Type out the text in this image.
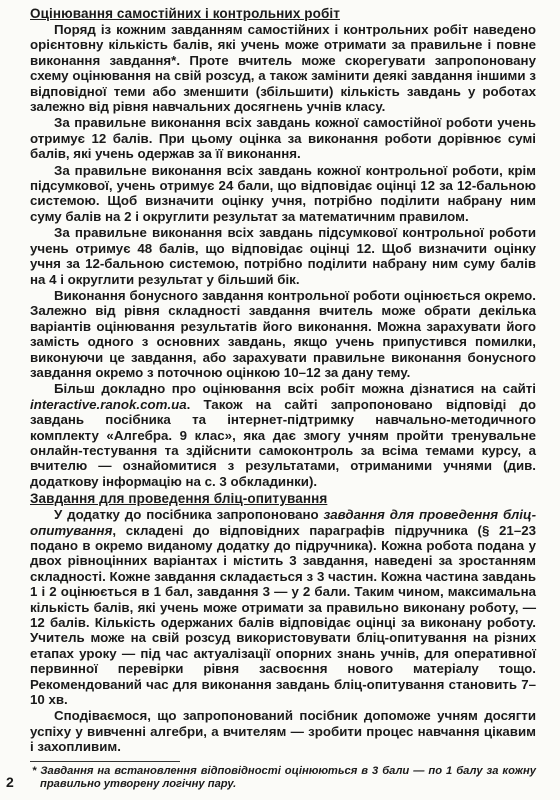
Оцінювання самостійних і контрольних робіт

Поряд із кожним завданням самостійних і контрольних робіт наведено орієнтовну кількість балів, які учень може отримати за правильне і повне виконання завдання*. Проте вчитель може скорегувати запропоновану схему оцінювання на свій розсуд, а також замінити деякі завдання іншими з відповідної теми або зменшити (збільшити) кількість завдань у роботах залежно від рівня навчальних досягнень учнів класу.

За правильне виконання всіх завдань кожної самостійної роботи учень отримує 12 балів. При цьому оцінка за виконання роботи дорівнює сумі балів, які учень одержав за її виконання.

За правильне виконання всіх завдань кожної контрольної роботи, крім підсумкової, учень отримує 24 бали, що відповідає оцінці 12 за 12-бальною системою. Щоб визначити оцінку учня, потрібно поділити набрану ним суму балів на 2 і округлити результат за математичним правилом.

За правильне виконання всіх завдань підсумкової контрольної роботи учень отримує 48 балів, що відповідає оцінці 12. Щоб визначити оцінку учня за 12-бальною системою, потрібно поділити набрану ним суму балів на 4 і округлити результат у більший бік.

Виконання бонусного завдання контрольної роботи оцінюється окремо. Залежно від рівня складності завдання вчитель може обрати декілька варіантів оцінювання результатів його виконання. Можна зарахувати його замість одного з основних завдань, якщо учень припустився помилки, виконуючи це завдання, або зарахувати правильне виконання бонусного завдання окремо з поточною оцінкою 10–12 за дану тему.

Більш докладно про оцінювання всіх робіт можна дізнатися на сайті interactive.ranok.com.ua. Також на сайті запропоновано відповіді до завдань посібника та інтернет-підтримку навчально-методичного комплекту «Алгебра. 9 клас», яка дає змогу учням пройти тренувальне онлайн-тестування та здійснити самоконтроль за всіма темами курсу, а вчителю — ознайомитися з результатами, отриманими учнями (див. додаткову інформацію на с. 3 обкладинки).

Завдання для проведення бліц-опитування

У додатку до посібника запропоновано завдання для проведення бліц-опитування, складені до відповідних параграфів підручника (§ 21–23 подано в окремо виданому додатку до підручника). Кожна робота подана у двох рівноцінних варіантах і містить 3 завдання, наведені за зростанням складності. Кожне завдання складається з 3 частин. Кожна частина завдань 1 і 2 оцінюється в 1 бал, завдання 3 — у 2 бали. Таким чином, максимальна кількість балів, які учень може отримати за правильно виконану роботу, — 12 балів. Кількість одержаних балів відповідає оцінці за виконану роботу. Учитель може на свій розсуд використовувати бліц-опитування на різних етапах уроку — під час актуалізації опорних знань учнів, для оперативної первинної перевірки рівня засвоєння нового матеріалу тощо. Рекомендований час для виконання завдань бліц-опитування становить 7–10 хв.

Сподіваємося, що запропонований посібник допоможе учням досягти успіху у вивченні алгебри, а вчителям — зробити процес навчання цікавим і захопливим.

* Завдання на встановлення відповідності оцінюються в 3 бали — по 1 балу за кожну правильно утворену логічну пару.

2
